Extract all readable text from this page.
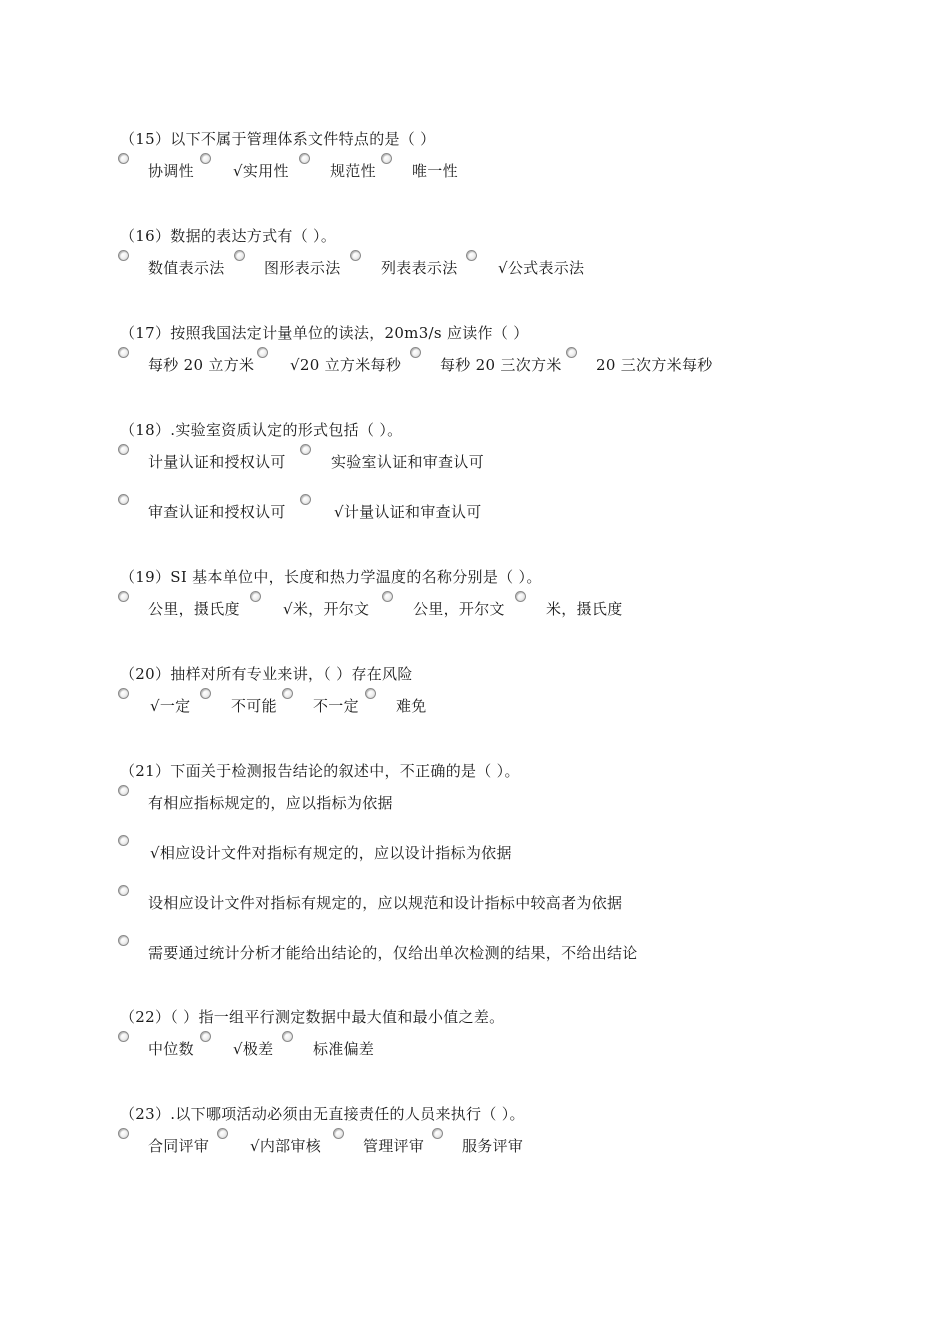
（15）以下不属于管理体系文件特点的是（ ）
协调性	√实用性	规范性 唯一性
（16）数据的表达方式有（ ）。
数值表示法	图形表示法	列表表示法	√公式表示法
（17）按照我国法定计量单位的读法，20m3/s 应读作（ ）
每秒 20 立方米 √20 立方米每秒	每秒 20 三次方米 20 三次方米每秒
（18）.实验室资质认定的形式包括（ ）。
计量认证和授权认可	实验室认证和审查认可
审查认证和授权认可	√计量认证和审查认可
（19）SI 基本单位中，长度和热力学温度的名称分别是（ ）。
公里，摄氏度	√米，开尔文	公里，开尔文	米，摄氏度
（20）抽样对所有专业来讲，（ ）存在风险
√一定	不可能 不一定 难免
（21）下面关于检测报告结论的叙述中，不正确的是（ ）。
有相应指标规定的，应以指标为依据
√相应设计文件对指标有规定的，应以设计指标为依据
设相应设计文件对指标有规定的，应以规范和设计指标中较高者为依据
需要通过统计分析才能给出结论的，仅给出单次检测的结果，不给出结论
（22）（ ）指一组平行测定数据中最大值和最小值之差。
中位数	√极差	标准偏差
（23）.以下哪项活动必须由无直接责任的人员来执行（ ）。
合同评审	√内部审核	管理评审	服务评审
